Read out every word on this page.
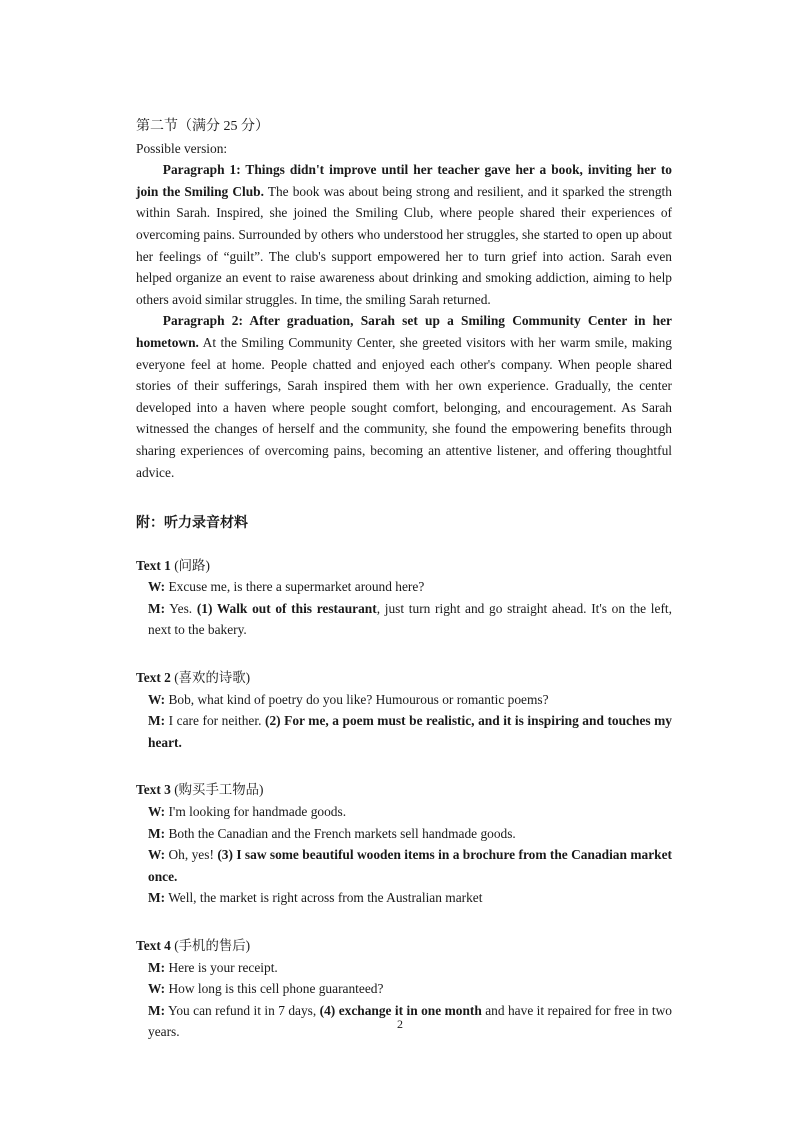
第二节（满分 25 分）

Possible version:

Paragraph 1: Things didn't improve until her teacher gave her a book, inviting her to join the Smiling Club. The book was about being strong and resilient, and it sparked the strength within Sarah. Inspired, she joined the Smiling Club, where people shared their experiences of overcoming pains. Surrounded by others who understood her struggles, she started to open up about her feelings of “guilt”. The club's support empowered her to turn grief into action. Sarah even helped organize an event to raise awareness about drinking and smoking addiction, aiming to help others avoid similar struggles. In time, the smiling Sarah returned.

Paragraph 2: After graduation, Sarah set up a Smiling Community Center in her hometown. At the Smiling Community Center, she greeted visitors with her warm smile, making everyone feel at home. People chatted and enjoyed each other's company. When people shared stories of their sufferings, Sarah inspired them with her own experience. Gradually, the center developed into a haven where people sought comfort, belonging, and encouragement. As Sarah witnessed the changes of herself and the community, she found the empowering benefits through sharing experiences of overcoming pains, becoming an attentive listener, and offering thoughtful advice.

附：听力录音材料

Text 1 (问路)

W: Excuse me, is there a supermarket around here?

M: Yes. (1) Walk out of this restaurant, just turn right and go straight ahead. It's on the left, next to the bakery.

Text 2 (喜欢的诗歌)

W: Bob, what kind of poetry do you like? Humourous or romantic poems?

M: I care for neither. (2) For me, a poem must be realistic, and it is inspiring and touches my heart.

Text 3 (购买手工物品)

W: I'm looking for handmade goods.

M: Both the Canadian and the French markets sell handmade goods.

W: Oh, yes! (3) I saw some beautiful wooden items in a brochure from the Canadian market once.

M: Well, the market is right across from the Australian market

Text 4 (手机的售后)

M: Here is your receipt.

W: How long is this cell phone guaranteed?

M: You can refund it in 7 days, (4) exchange it in one month and have it repaired for free in two years.

2
